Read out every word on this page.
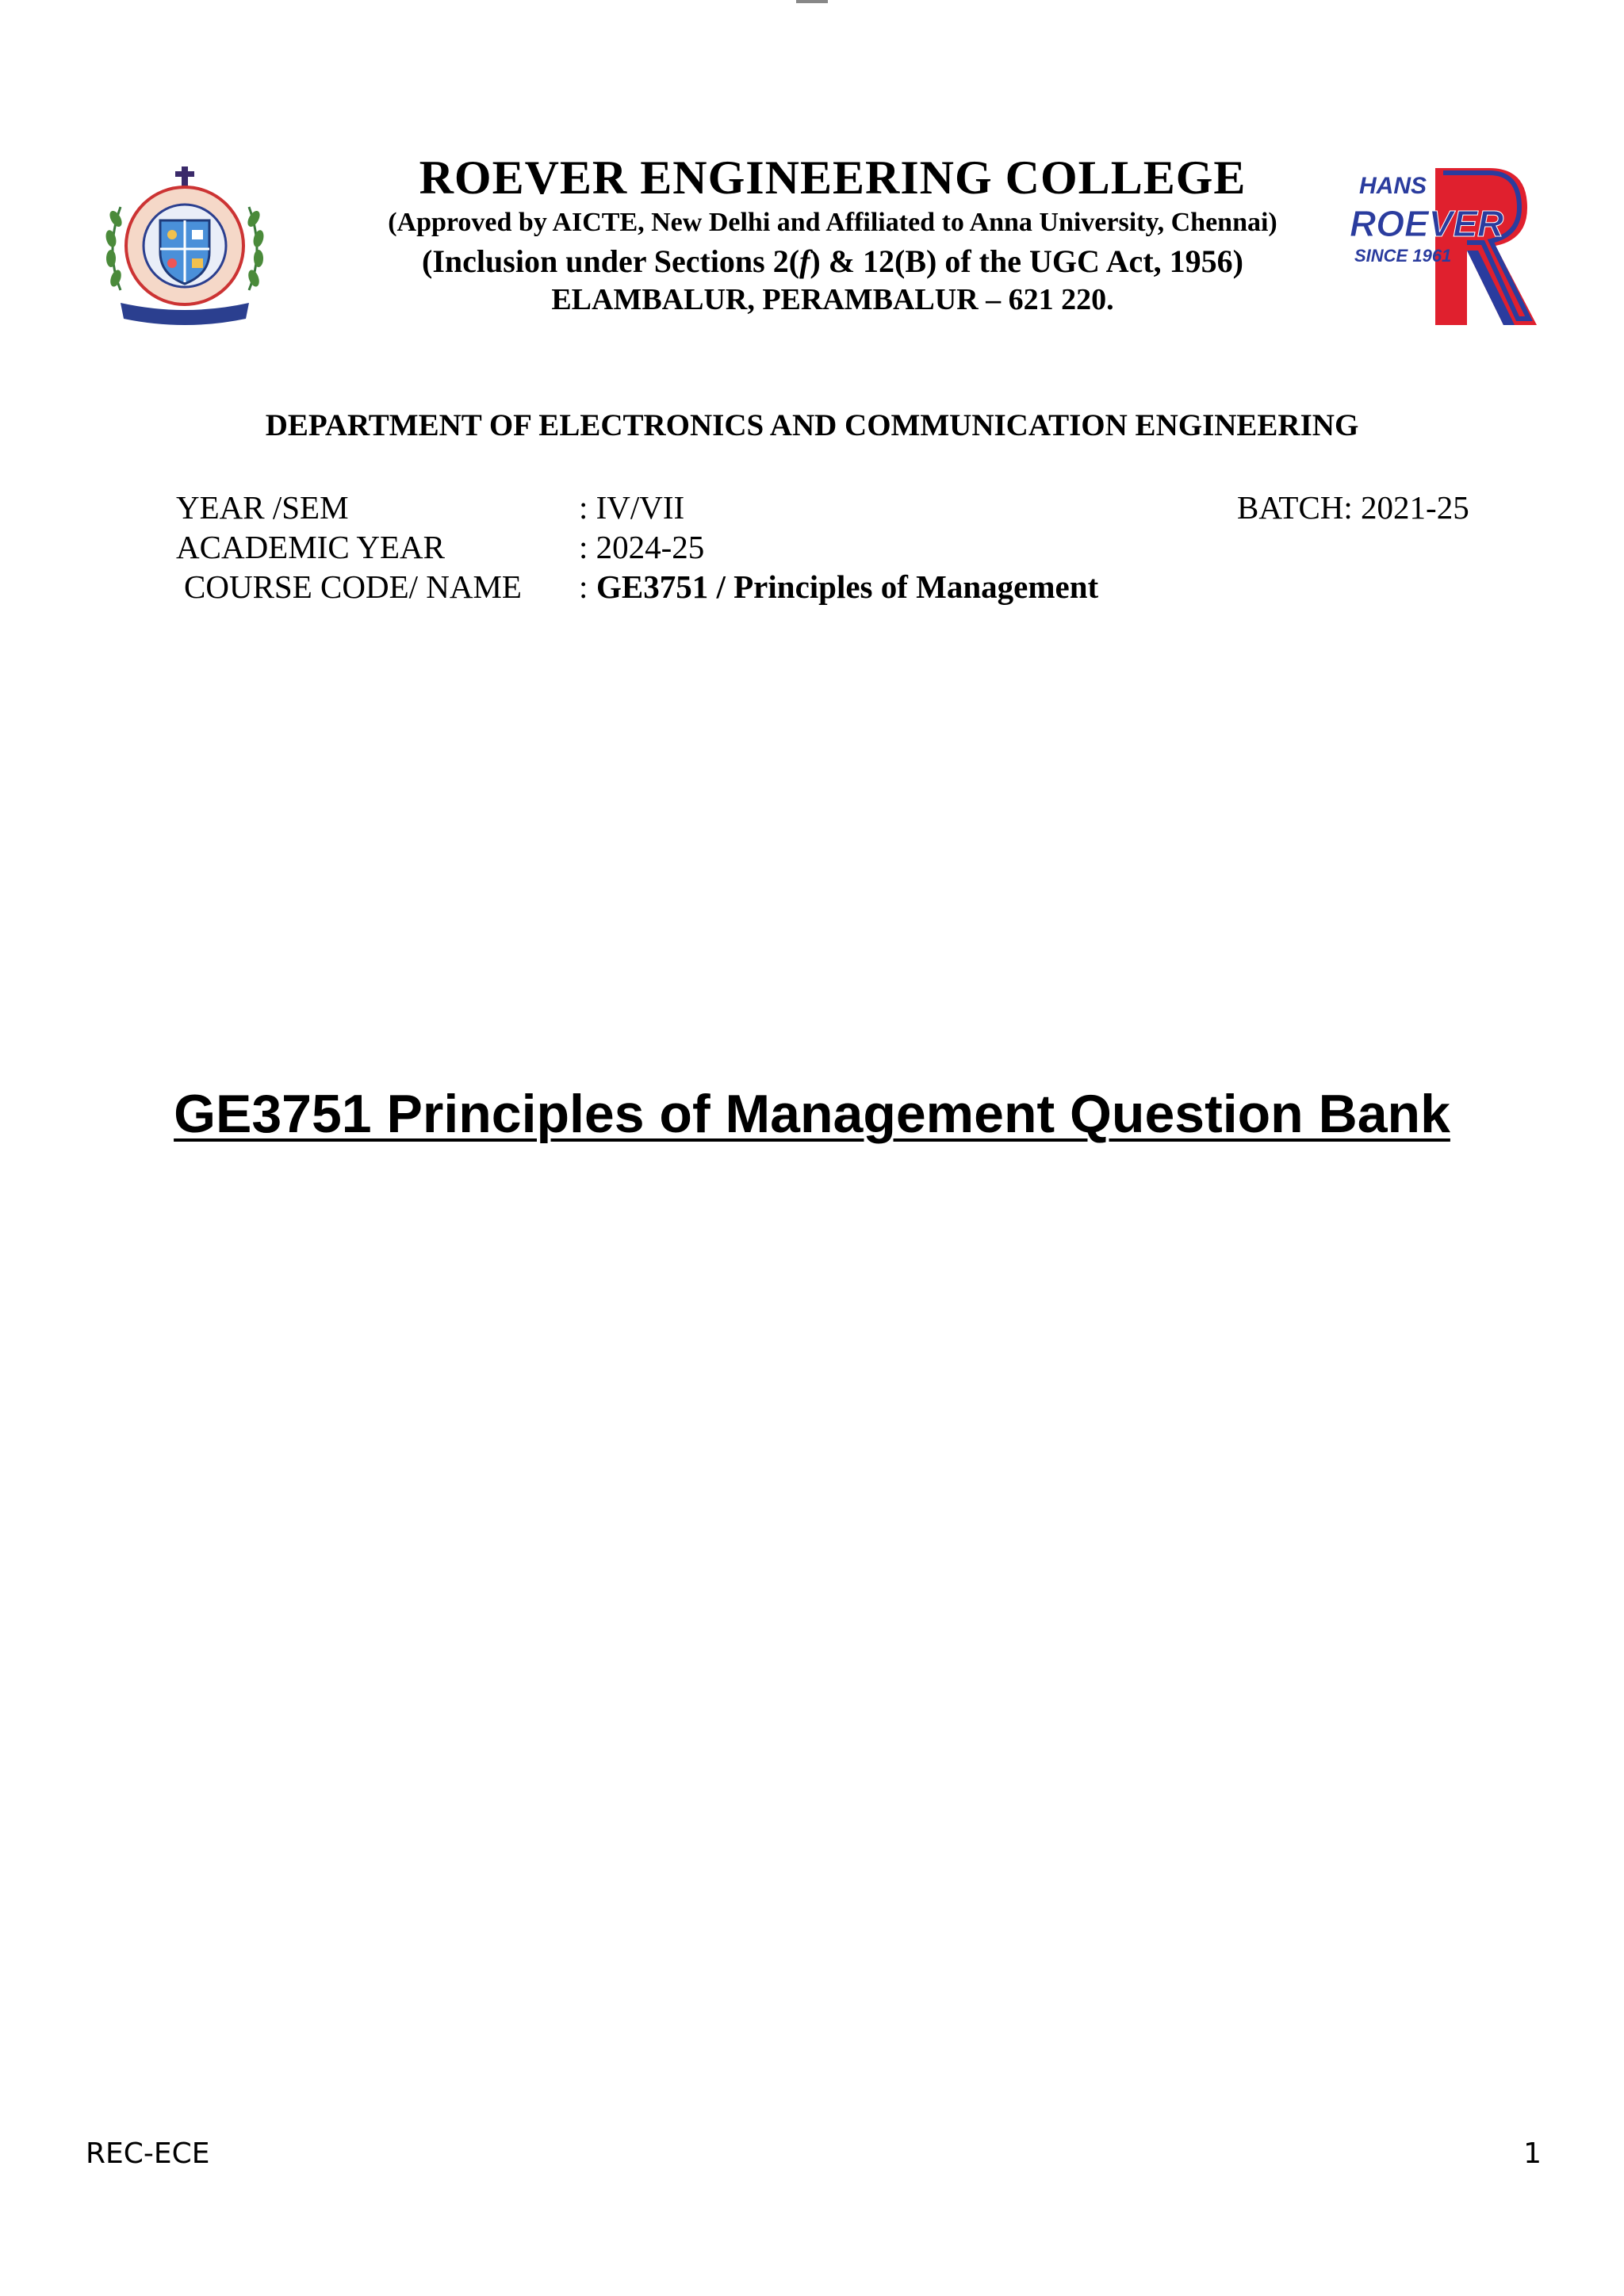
HANS
ROEVER
SINCE 1961
ROEVER ENGINEERING COLLEGE
(Approved by AICTE, New Delhi and Affiliated to Anna University, Chennai)
(Inclusion under Sections 2(f) & 12(B) of the UGC Act, 1956)
ELAMBALUR, PERAMBALUR – 621 220.
DEPARTMENT OF ELECTRONICS AND COMMUNICATION ENGINEERING
YEAR /SEM	: IV/VII	BATCH: 2021-25
ACADEMIC YEAR	: 2024-25
COURSE CODE/ NAME : GE3751 / Principles of Management
GE3751 Principles of Management Question Bank
REC-ECE	1
